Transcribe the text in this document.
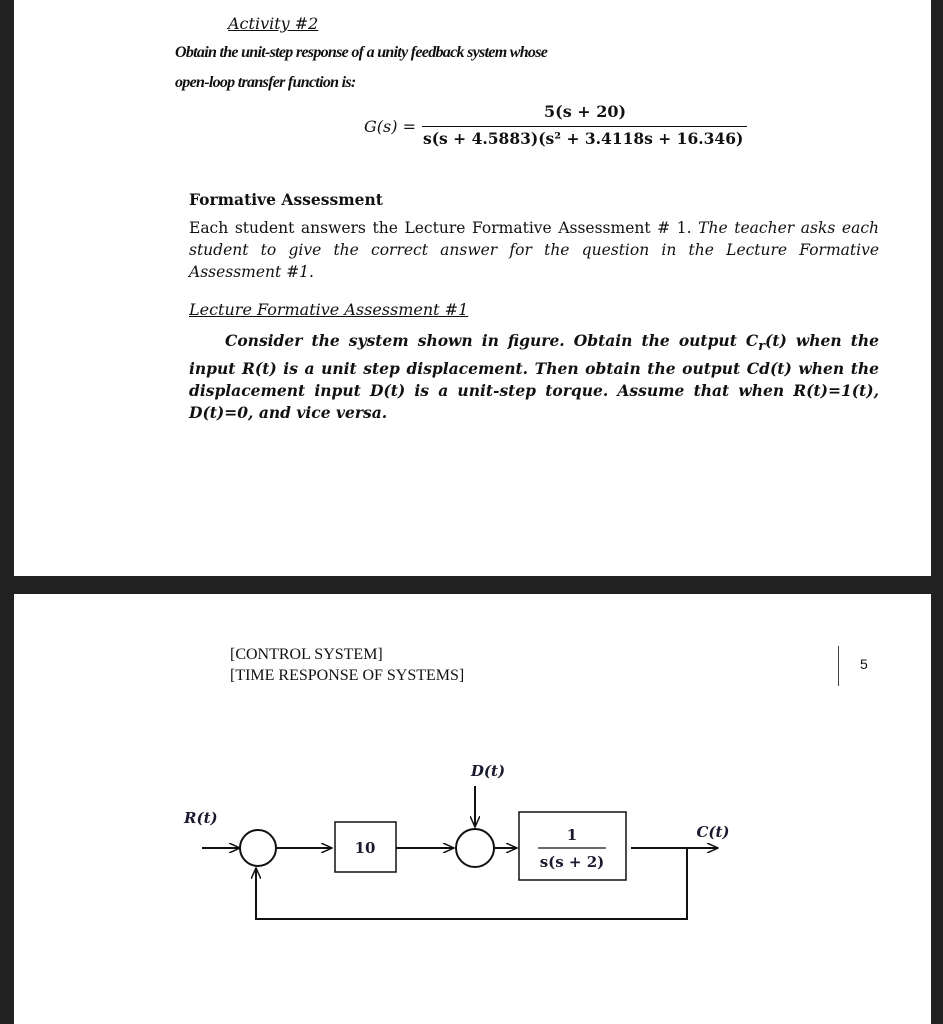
Activity #2
Obtain the unit-step response of a unity feedback system whose
open-loop transfer function is:
G(s) =
5(s + 20)
s(s + 4.5883)(s² + 3.4118s + 16.346)
Formative Assessment
Each student answers the Lecture Formative Assessment # 1. The teacher asks each student to give the correct answer for the question in the Lecture Formative Assessment #1.
Lecture Formative Assessment #1
Consider the system shown in figure. Obtain the output $C_r(t)$ when the input R(t) is a unit step displacement. Then obtain the output Cd(t) when the displacement input D(t) is a unit-step torque. Assume that when R(t)=1(t), D(t)=0, and vice versa.
[CONTROL SYSTEM]
[TIME RESPONSE OF SYSTEMS]
5
R(t)
10
D(t)
1
s(s + 2)
C(t)
